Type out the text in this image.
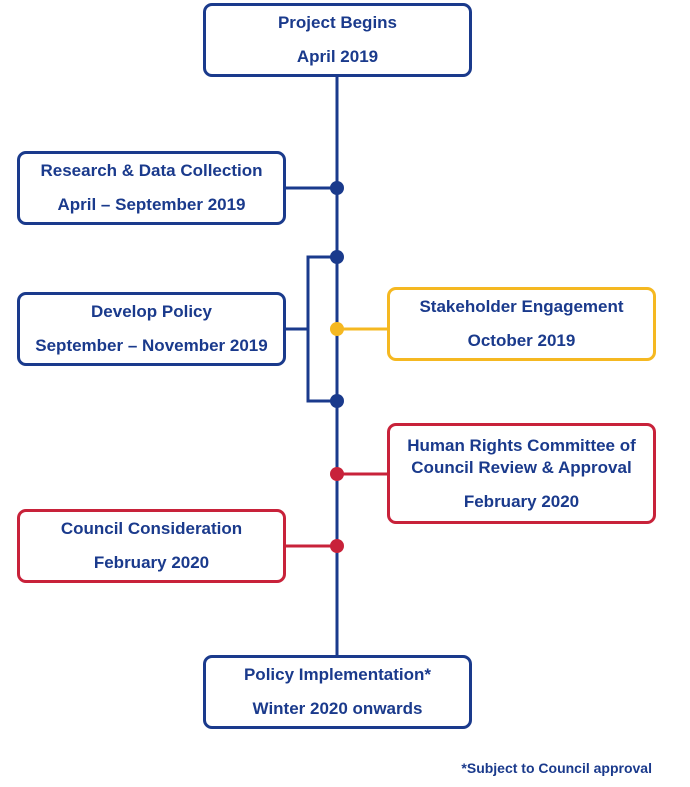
Project Begins
April 2019
Research & Data Collection
April – September 2019
Develop Policy
September – November 2019
Stakeholder Engagement
October 2019
Human Rights Committee of
Council Review & Approval
February 2020
Council Consideration
February 2020
Policy Implementation*
Winter 2020 onwards
*Subject to Council approval
